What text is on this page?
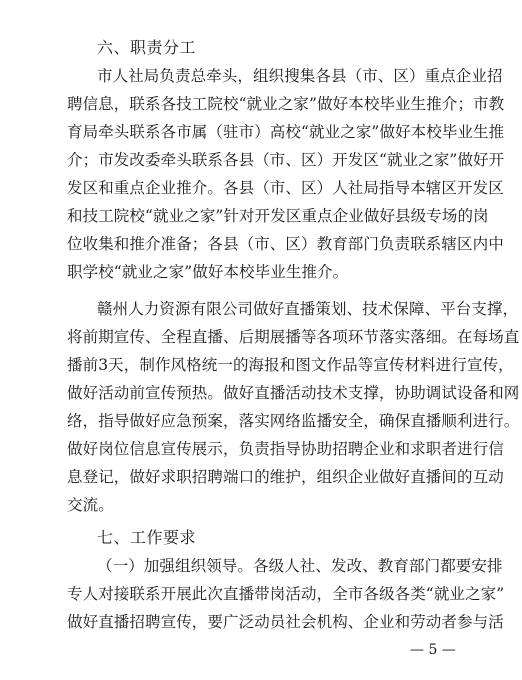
六、职责分工
市人社局负责总牵头，组织搜集各县（市、区）重点企业招
聘信息，联系各技工院校“就业之家”做好本校毕业生推介；市教
育局牵头联系各市属（驻市）高校“就业之家”做好本校毕业生推
介；市发改委牵头联系各县（市、区）开发区“就业之家”做好开
发区和重点企业推介。各县（市、区）人社局指导本辖区开发区
和技工院校“就业之家”针对开发区重点企业做好县级专场的岗
位收集和推介准备；各县（市、区）教育部门负责联系辖区内中
职学校“就业之家”做好本校毕业生推介。
赣州人力资源有限公司做好直播策划、技术保障、平台支撑，
将前期宣传、全程直播、后期展播等各项环节落实落细。在每场直
播前3天，制作风格统一的海报和图文作品等宣传材料进行宣传，
做好活动前宣传预热。做好直播活动技术支撑，协助调试设备和网
络，指导做好应急预案，落实网络监播安全，确保直播顺利进行。
做好岗位信息宣传展示，负责指导协助招聘企业和求职者进行信
息登记，做好求职招聘端口的维护，组织企业做好直播间的互动
交流。
七、工作要求
（一）加强组织领导。各级人社、发改、教育部门都要安排
专人对接联系开展此次直播带岗活动，全市各级各类“就业之家”
做好直播招聘宣传，要广泛动员社会机构、企业和劳动者参与活
— 5 —
